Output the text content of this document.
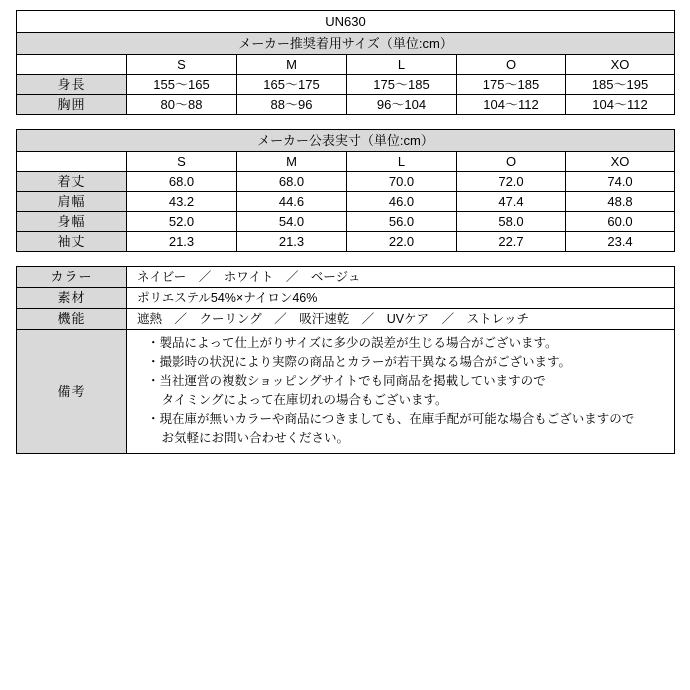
UN630					
メーカー推奨着用サイズ（単位:cm）					
	S	M	L	O	XO
身長	155〜165	165〜175	175〜185	175〜185	185〜195
胸囲	80〜88	88〜96	96〜104	104〜112	104〜112
メーカー公表実寸（単位:cm）					
	S	M	L	O	XO
着丈	68.0	68.0	70.0	72.0	74.0
肩幅	43.2	44.6	46.0	47.4	48.8
身幅	52.0	54.0	56.0	58.0	60.0
袖丈	21.3	21.3	22.0	22.7	23.4
カラー	ネイビー　／　ホワイト　／　ベージュ
素材	ポリエステル54%×ナイロン46%
機能	遮熱　／　クーリング　／　吸汗速乾　／　UVケア　／　ストレッチ
備考	
・製品によって仕上がりサイズに多少の誤差が生じる場合がございます。
・撮影時の状況により実際の商品とカラーが若干異なる場合がございます。
・当社運営の複数ショッピングサイトでも同商品を掲載していますので
　タイミングによって在庫切れの場合もございます。
・現在庫が無いカラーや商品につきましても、在庫手配が可能な場合もございますので
　お気軽にお問い合わせください。
